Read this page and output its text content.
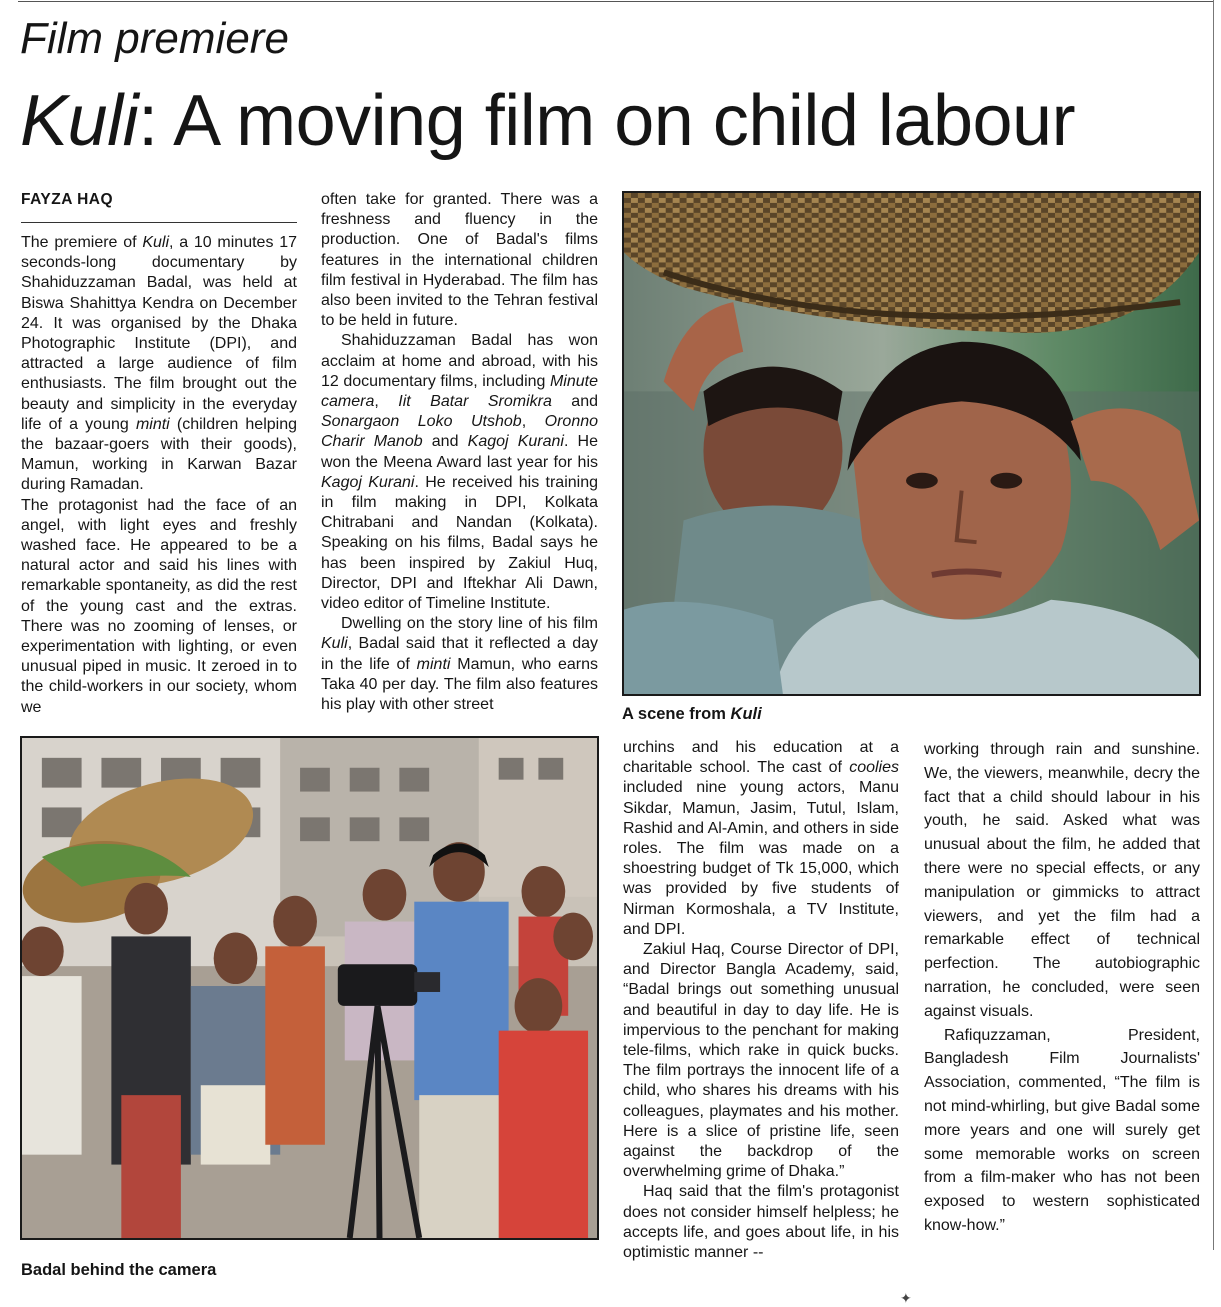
Film premiere
Kuli: A moving film on child labour
FAYZA HAQ

The premiere of Kuli, a 10 minutes 17 seconds-long documentary by Shahiduzzaman Badal, was held at Biswa Shahittya Kendra on December 24. It was organised by the Dhaka Photographic Institute (DPI), and attracted a large audience of film enthusiasts. The film brought out the beauty and simplicity in the everyday life of a young minti (children helping the bazaar-goers with their goods), Mamun, working in Karwan Bazar during Ramadan.

The protagonist had the face of an angel, with light eyes and freshly washed face. He appeared to be a natural actor and said his lines with remarkable spontaneity, as did the rest of the young cast and the extras. There was no zooming of lenses, or experimentation with lighting, or even unusual piped in music. It zeroed in to the child-workers in our society, whom we

often take for granted. There was a freshness and fluency in the production. One of Badal's films features in the international children film festival in Hyderabad. The film has also been invited to the Tehran festival to be held in future.

Shahiduzzaman Badal has won acclaim at home and abroad, with his 12 documentary films, including Minute camera, Iit Batar Sromikra and Sonargaon Loko Utshob, Oronno Charir Manob and Kagoj Kurani. He won the Meena Award last year for his Kagoj Kurani. He received his training in film making in DPI, Kolkata Chitrabani and Nandan (Kolkata). Speaking on his films, Badal says he has been inspired by Zakiul Huq, Director, DPI and Iftekhar Ali Dawn, video editor of Timeline Institute.

Dwelling on the story line of his film Kuli, Badal said that it reflected a day in the life of minti Mamun, who earns Taka 40 per day. The film also features his play with other street

A scene from Kuli
Badal behind the camera

urchins and his education at a charitable school. The cast of coolies included nine young actors, Manu Sikdar, Mamun, Jasim, Tutul, Islam, Rashid and Al-Amin, and others in side roles. The film was made on a shoestring budget of Tk 15,000, which was provided by five students of Nirman Kormoshala, a TV Institute, and DPI.

Zakiul Haq, Course Director of DPI, and Director Bangla Academy, said, “Badal brings out something unusual and beautiful in day to day life. He is impervious to the penchant for making tele-films, which rake in quick bucks. The film portrays the innocent life of a child, who shares his dreams with his colleagues, playmates and his mother. Here is a slice of pristine life, seen against the backdrop of the overwhelming grime of Dhaka.”

Haq said that the film's protagonist does not consider himself helpless; he accepts life, and goes about life, in his optimistic manner --

working through rain and sunshine. We, the viewers, meanwhile, decry the fact that a child should labour in his youth, he said. Asked what was unusual about the film, he added that there were no special effects, or any manipulation or gimmicks to attract viewers, and yet the film had a remarkable effect of technical perfection. The autobiographic narration, he concluded, were seen against visuals.

Rafiquzzaman, President, Bangladesh Film Journalists' Association, commented, “The film is not mind-whirling, but give Badal some more years and one will surely get some memorable works on screen from a film-maker who has not been exposed to western sophisticated know-how.”

✦
